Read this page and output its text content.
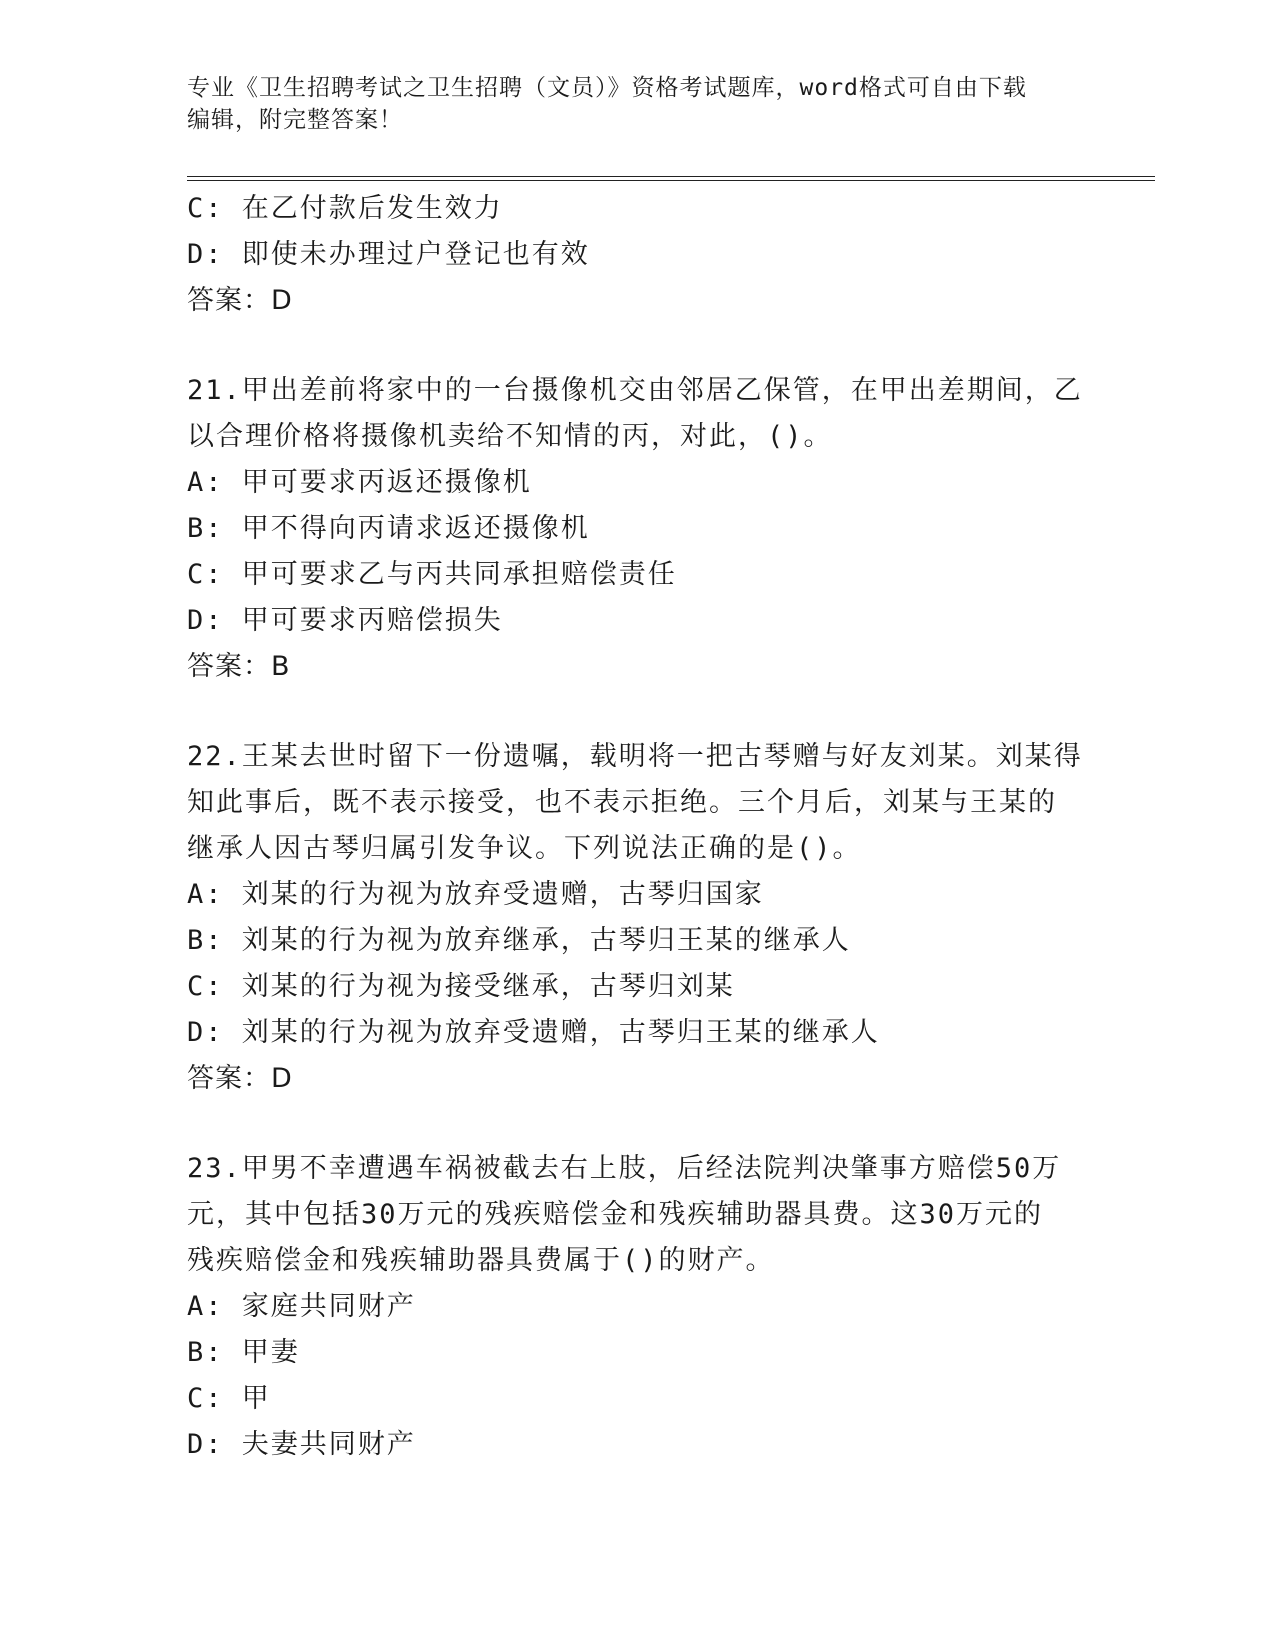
专业《卫生招聘考试之卫生招聘（文员）》资格考试题库，word格式可自由下载
编辑，附完整答案！
C: 在乙付款后发生效力
D: 即使未办理过户登记也有效
答案：D
21.甲出差前将家中的一台摄像机交由邻居乙保管，在甲出差期间，乙
以合理价格将摄像机卖给不知情的丙，对此，()。
A: 甲可要求丙返还摄像机
B: 甲不得向丙请求返还摄像机
C: 甲可要求乙与丙共同承担赔偿责任
D: 甲可要求丙赔偿损失
答案：B
22.王某去世时留下一份遗嘱，载明将一把古琴赠与好友刘某。刘某得
知此事后，既不表示接受，也不表示拒绝。三个月后，刘某与王某的
继承人因古琴归属引发争议。下列说法正确的是()。
A: 刘某的行为视为放弃受遗赠，古琴归国家
B: 刘某的行为视为放弃继承，古琴归王某的继承人
C: 刘某的行为视为接受继承，古琴归刘某
D: 刘某的行为视为放弃受遗赠，古琴归王某的继承人
答案：D
23.甲男不幸遭遇车祸被截去右上肢，后经法院判决肇事方赔偿50万
元，其中包括30万元的残疾赔偿金和残疾辅助器具费。这30万元的
残疾赔偿金和残疾辅助器具费属于()的财产。
A: 家庭共同财产
B: 甲妻
C: 甲
D: 夫妻共同财产
